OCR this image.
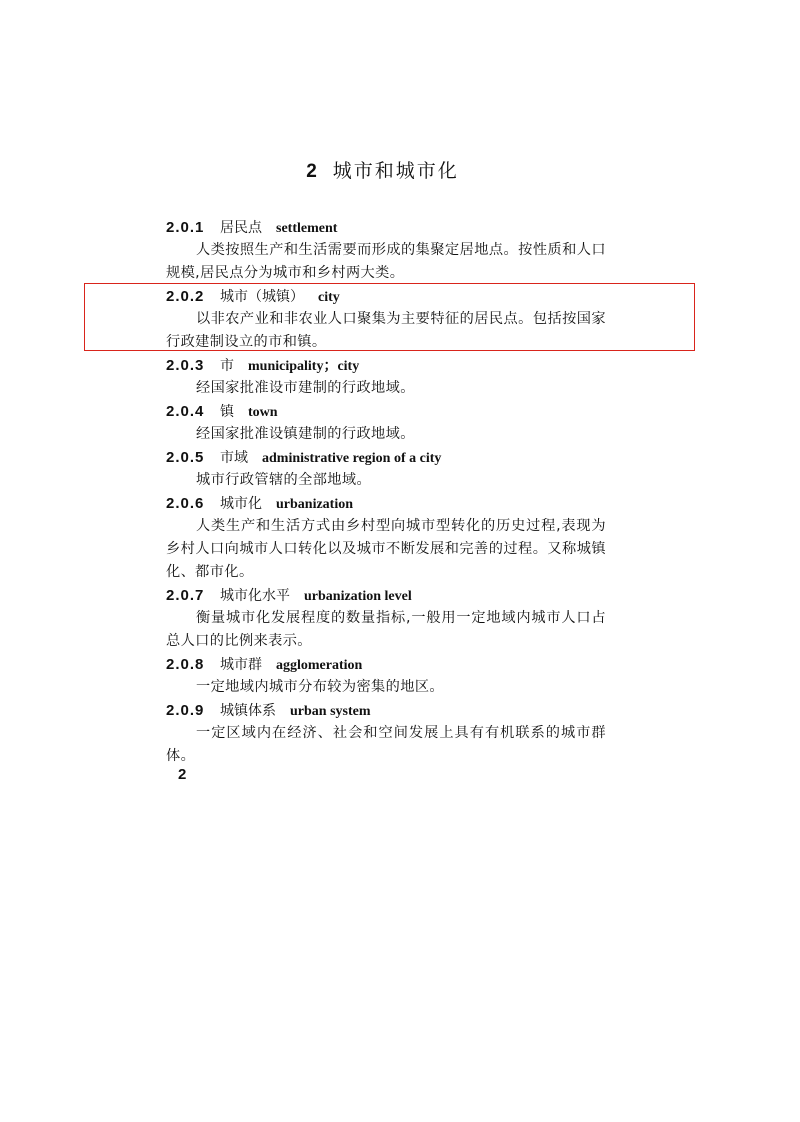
2 城市和城市化
2.0.1 居民点 settlement

人类按照生产和生活需要而形成的集聚定居地点。按性质和人口规模,居民点分为城市和乡村两大类。

2.0.2 城市（城镇） city

以非农产业和非农业人口聚集为主要特征的居民点。包括按国家行政建制设立的市和镇。

2.0.3 市 municipality；city

经国家批准设市建制的行政地域。

2.0.4 镇 town

经国家批准设镇建制的行政地域。

2.0.5 市域 administrative region of a city

城市行政管辖的全部地域。

2.0.6 城市化 urbanization

人类生产和生活方式由乡村型向城市型转化的历史过程,表现为乡村人口向城市人口转化以及城市不断发展和完善的过程。又称城镇化、都市化。

2.0.7 城市化水平 urbanization level

衡量城市化发展程度的数量指标,一般用一定地域内城市人口占总人口的比例来表示。

2.0.8 城市群 agglomeration

一定地域内城市分布较为密集的地区。

2.0.9 城镇体系 urban system

一定区域内在经济、社会和空间发展上具有有机联系的城市群体。

2
